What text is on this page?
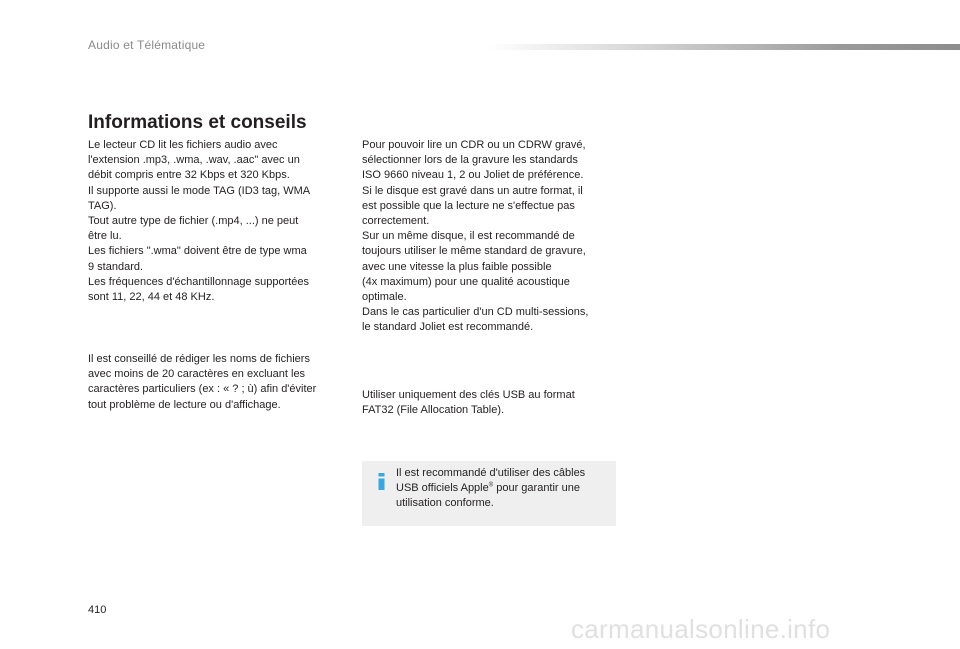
Audio et Télématique
Informations et conseils
Le lecteur CD lit les fichiers audio avec
l'extension .mp3, .wma, .wav, .aac" avec un
débit compris entre 32 Kbps et 320 Kbps.
Il supporte aussi le mode TAG (ID3 tag, WMA
TAG).
Tout autre type de fichier (.mp4, ...) ne peut
être lu.
Les fichiers ".wma" doivent être de type wma
9 standard.
Les fréquences d'échantillonnage supportées
sont 11, 22, 44 et 48 KHz.
Il est conseillé de rédiger les noms de fichiers
avec moins de 20 caractères en excluant les
caractères particuliers (ex : « ? ; ù) afin d'éviter
tout problème de lecture ou d'affichage.
Pour pouvoir lire un CDR ou un CDRW gravé,
sélectionner lors de la gravure les standards
ISO 9660 niveau 1, 2 ou Joliet de préférence.
Si le disque est gravé dans un autre format, il
est possible que la lecture ne s'effectue pas
correctement.
Sur un même disque, il est recommandé de
toujours utiliser le même standard de gravure,
avec une vitesse la plus faible possible
(4x maximum) pour une qualité acoustique
optimale.
Dans le cas particulier d'un CD multi-sessions,
le standard Joliet est recommandé.
Utiliser uniquement des clés USB au format
FAT32 (File Allocation Table).
Il est recommandé d'utiliser des câbles USB officiels Apple® pour garantir une utilisation conforme.
410
carmanualsonline.info
